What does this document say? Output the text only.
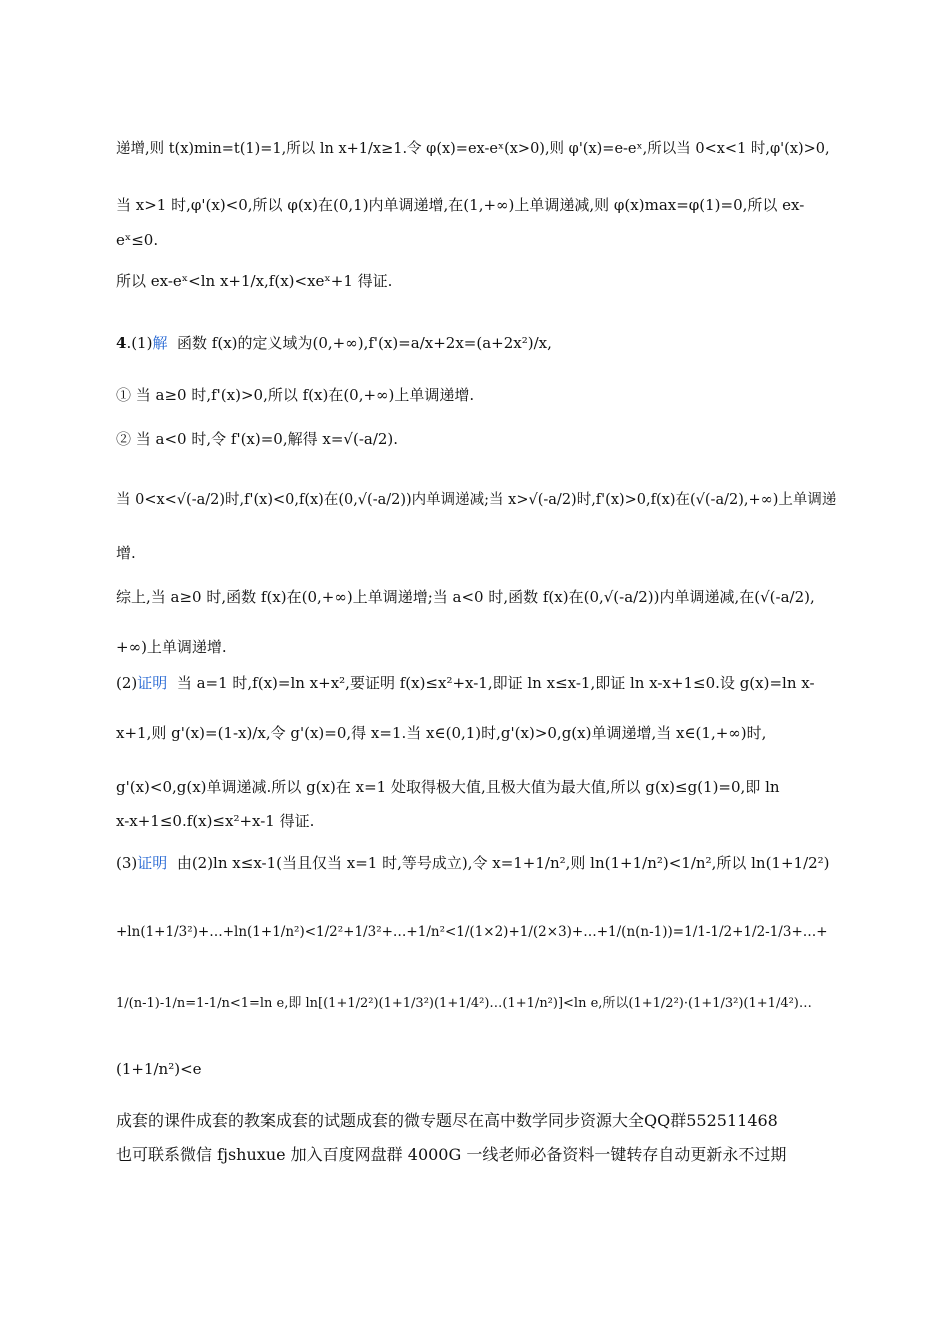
递增,则 t(x)min=t(1)=1,所以 ln x+1/x≥1.令 φ(x)=ex-eˣ(x>0),则 φ'(x)=e-eˣ,所以当 0<x<1 时,φ'(x)>0,
当 x>1 时,φ'(x)<0,所以 φ(x)在(0,1)内单调递增,在(1,+∞)上单调递减,则 φ(x)max=φ(1)=0,所以 ex-
eˣ≤0.
所以 ex-eˣ<ln x+1/x,f(x)<xeˣ+1 得证.
4.(1)解 函数 f(x)的定义域为(0,+∞),f'(x)=a/x+2x=(a+2x²)/x,
① 当 a≥0 时,f'(x)>0,所以 f(x)在(0,+∞)上单调递增.
② 当 a<0 时,令 f'(x)=0,解得 x=√(-a/2).
当 0<x<√(-a/2)时,f'(x)<0,f(x)在(0,√(-a/2))内单调递减;当 x>√(-a/2)时,f'(x)>0,f(x)在(√(-a/2),+∞)上单调递
增.
综上,当 a≥0 时,函数 f(x)在(0,+∞)上单调递增;当 a<0 时,函数 f(x)在(0,√(-a/2))内单调递减,在(√(-a/2),
+∞)上单调递增.
(2)证明 当 a=1 时,f(x)=ln x+x²,要证明 f(x)≤x²+x-1,即证 ln x≤x-1,即证 ln x-x+1≤0.设 g(x)=ln x-
x+1,则 g'(x)=(1-x)/x,令 g'(x)=0,得 x=1.当 x∈(0,1)时,g'(x)>0,g(x)单调递增,当 x∈(1,+∞)时,
g'(x)<0,g(x)单调递减.所以 g(x)在 x=1 处取得极大值,且极大值为最大值,所以 g(x)≤g(1)=0,即 ln
x-x+1≤0.f(x)≤x²+x-1 得证.
(3)证明 由(2)ln x≤x-1(当且仅当 x=1 时,等号成立),令 x=1+1/n²,则 ln(1+1/n²)<1/n²,所以 ln(1+1/2²)
+ln(1+1/3²)+…+ln(1+1/n²)<1/2²+1/3²+…+1/n²<1/(1×2)+1/(2×3)+…+1/(n(n-1))=1/1-1/2+1/2-1/3+…+
1/(n-1)-1/n=1-1/n<1=ln e,即 ln[(1+1/2²)(1+1/3²)(1+1/4²)…(1+1/n²)]<ln e,所以(1+1/2²)·(1+1/3²)(1+1/4²)…
(1+1/n²)<e
成套的课件成套的教案成套的试题成套的微专题尽在高中数学同步资源大全QQ群552511468
也可联系微信 fjshuxue 加入百度网盘群 4000G 一线老师必备资料一键转存自动更新永不过期
